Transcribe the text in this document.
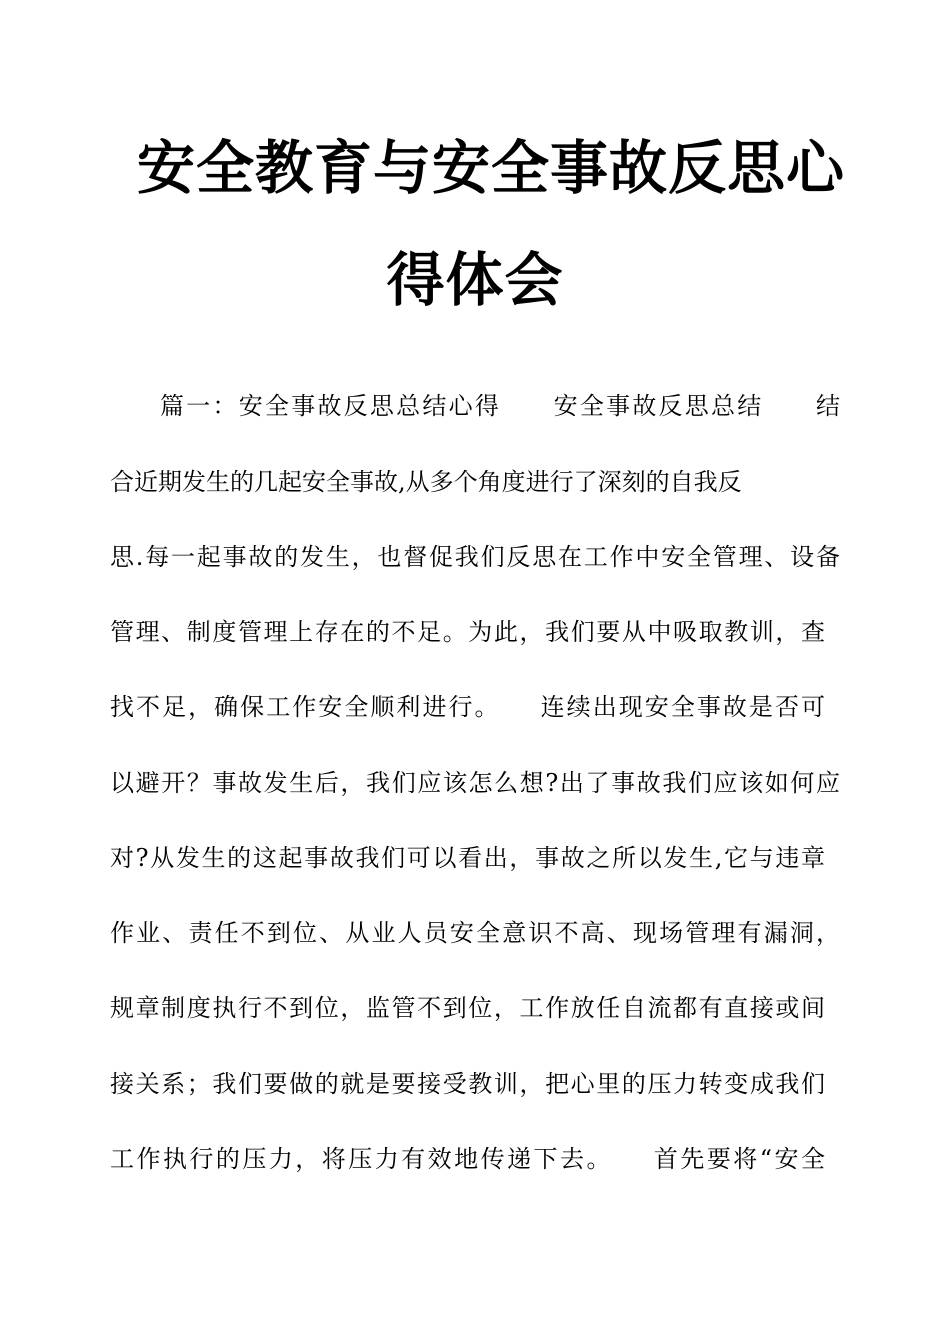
安全教育与安全事故反思心
得体会
篇一：安全事故反思总结心得　　安全事故反思总结　　结
合近期发生的几起安全事故,从多个角度进行了深刻的自我反
思.每一起事故的发生，也督促我们反思在工作中安全管理、设备
管理、制度管理上存在的不足。为此，我们要从中吸取教训，查
找不足，确保工作安全顺利进行。　　连续出现安全事故是否可
以避开？事故发生后，我们应该怎么想?出了事故我们应该如何应
对?从发生的这起事故我们可以看出，事故之所以发生,它与违章
作业、责任不到位、从业人员安全意识不高、现场管理有漏洞，
规章制度执行不到位，监管不到位，工作放任自流都有直接或间
接关系；我们要做的就是要接受教训，把心里的压力转变成我们
工作执行的压力，将压力有效地传递下去。　　首先要将“安全
